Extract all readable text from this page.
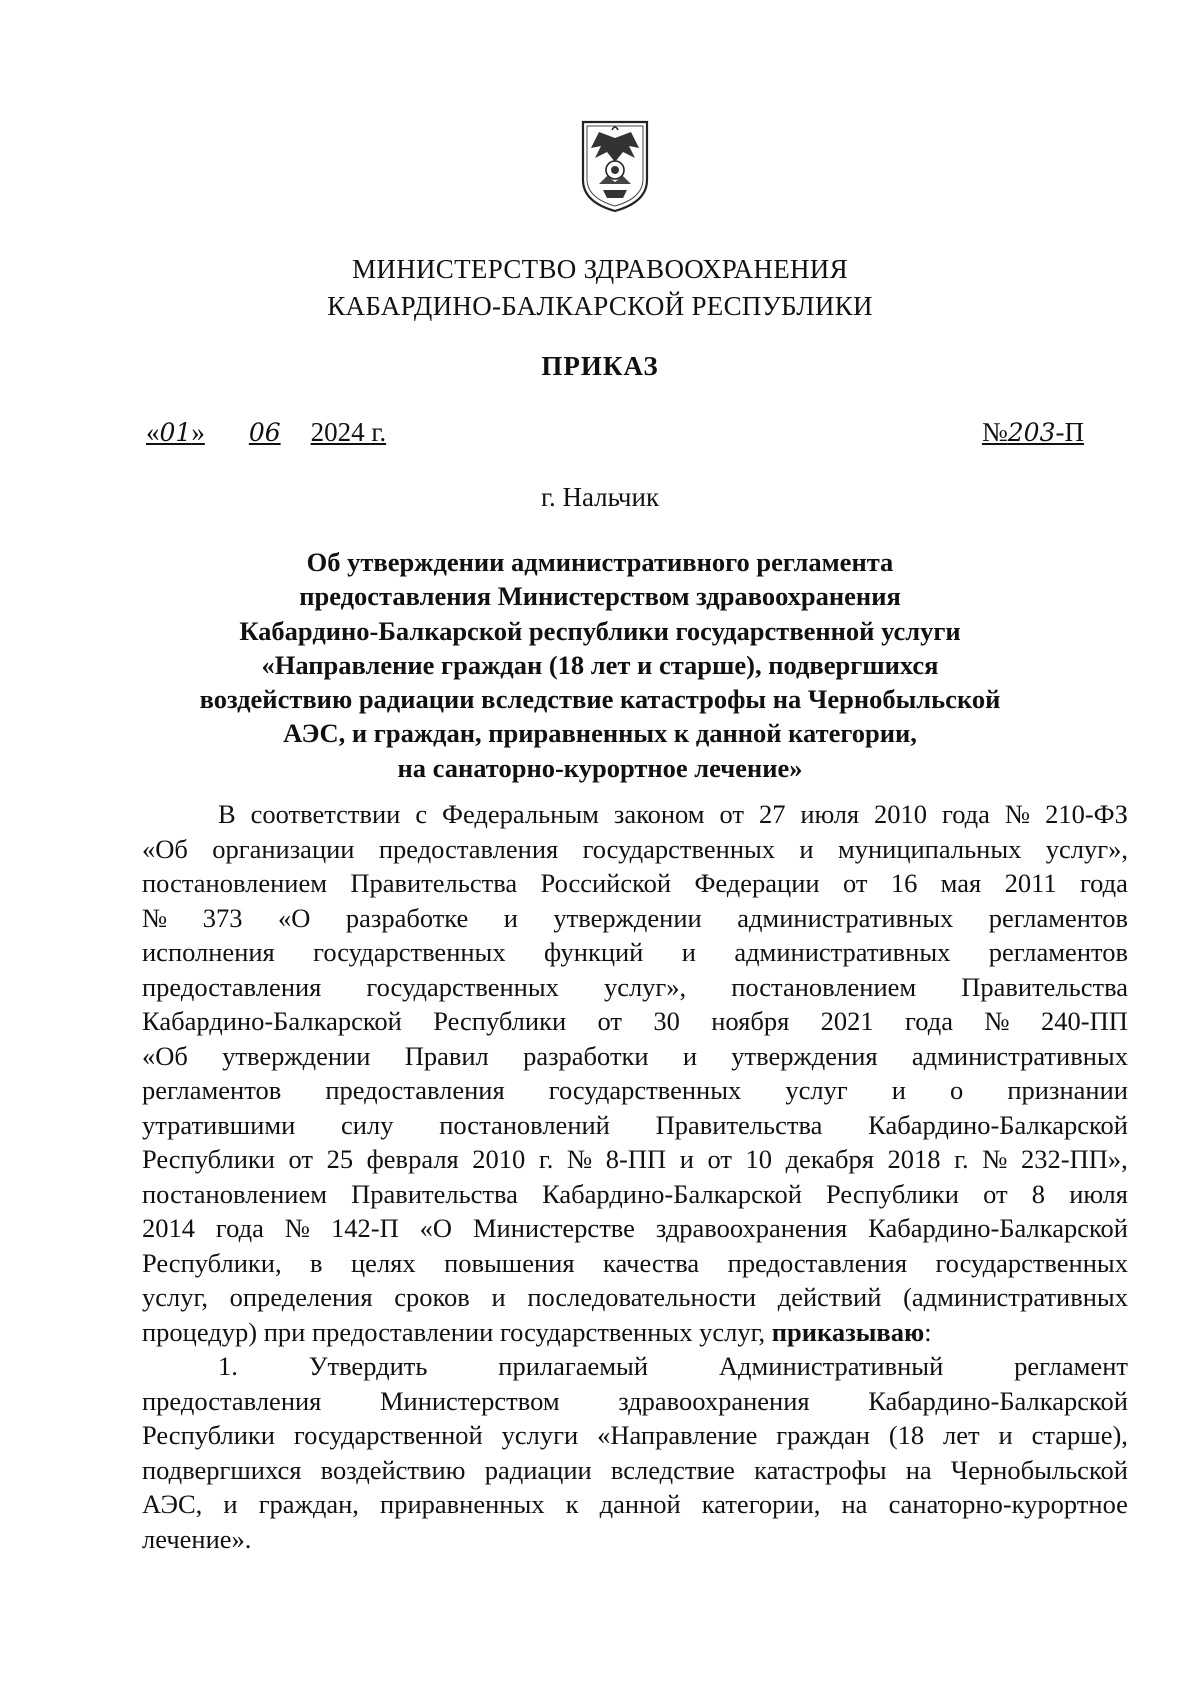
МИНИСТЕРСТВО ЗДРАВООХРАНЕНИЯ
КАБАРДИНО-БАЛКАРСКОЙ РЕСПУБЛИКИ
ПРИКАЗ
«01» 06 2024 г.	№203-П
г. Нальчик
Об утверждении административного регламента
предоставления Министерством здравоохранения
Кабардино-Балкарской республики государственной услуги
«Направление граждан (18 лет и старше), подвергшихся
воздействию радиации вследствие катастрофы на Чернобыльской
АЭС, и граждан, приравненных к данной категории,
на санаторно-курортное лечение»
В соответствии с Федеральным законом от 27 июля 2010 года № 210-ФЗ
«Об организации предоставления государственных и муниципальных услуг»,
постановлением Правительства Российской Федерации от 16 мая 2011 года
№ 373 «О разработке и утверждении административных регламентов
исполнения государственных функций и административных регламентов
предоставления государственных услуг», постановлением Правительства
Кабардино-Балкарской Республики от 30 ноября 2021 года № 240-ПП
«Об утверждении Правил разработки и утверждения административных
регламентов предоставления государственных услуг и о признании
утратившими силу постановлений Правительства Кабардино-Балкарской
Республики от 25 февраля 2010 г. № 8-ПП и от 10 декабря 2018 г. № 232-ПП»,
постановлением Правительства Кабардино-Балкарской Республики от 8 июля
2014 года № 142-П «О Министерстве здравоохранения Кабардино-Балкарской
Республики, в целях повышения качества предоставления государственных
услуг, определения сроков и последовательности действий (административных
процедур) при предоставлении государственных услуг,
приказываю :
1.	Утвердить	прилагаемый	Административный	регламент
предоставления Министерством здравоохранения Кабардино-Балкарской
Республики государственной услуги «Направление граждан (18 лет и старше),
подвергшихся воздействию радиации вследствие катастрофы на Чернобыльской
АЭС, и граждан, приравненных к данной категории, на санаторно-курортное
лечение».
